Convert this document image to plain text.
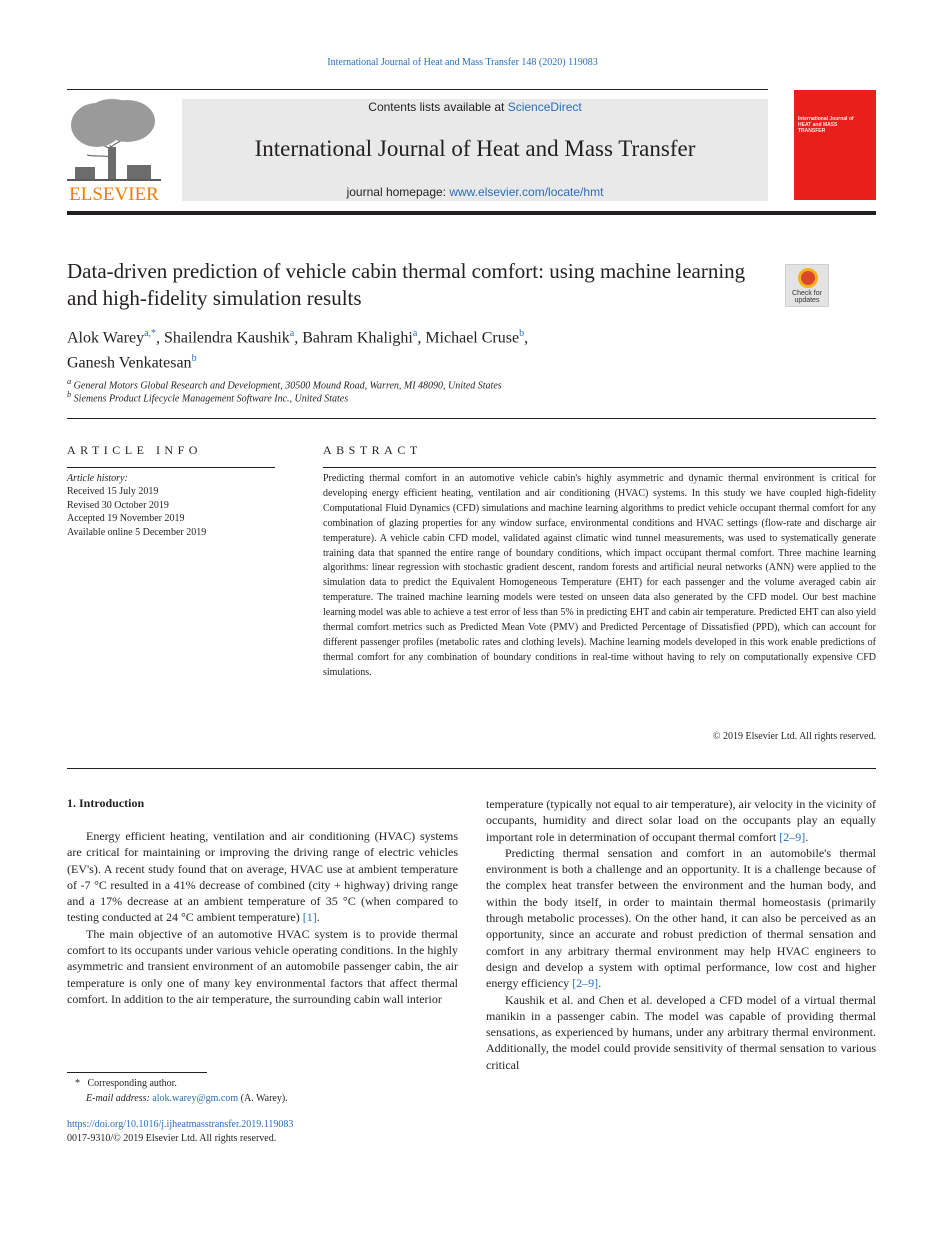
International Journal of Heat and Mass Transfer 148 (2020) 119083
ELSEVIER
Contents lists available at ScienceDirect
International Journal of Heat and Mass Transfer
journal homepage: www.elsevier.com/locate/hmt
International Journal of HEAT and MASS TRANSFER
Data-driven prediction of vehicle cabin thermal comfort: using machine learning and high-fidelity simulation results	Check for updates
Alok Warey$^{a,*}$, Shailendra Kaushik$^a$, Bahram Khalighi$^a$, Michael Cruse$^b$,
Ganesh Venkatesan$^b$
$^a$ General Motors Global Research and Development, 30500 Mound Road, Warren, MI 48090, United States
$^b$ Siemens Product Lifecycle Management Software Inc., United States
ARTICLE INFO	ABSTRACT
Article history:
Received 15 July 2019
Revised 30 October 2019
Accepted 19 November 2019
Available online 5 December 2019
Predicting thermal comfort in an automotive vehicle cabin's highly asymmetric and dynamic thermal environment is critical for developing energy efficient heating, ventilation and air conditioning (HVAC) systems. In this study we have coupled high-fidelity Computational Fluid Dynamics (CFD) simulations and machine learning algorithms to predict vehicle occupant thermal comfort for any combination of glazing properties for any window surface, environmental conditions and HVAC settings (flow-rate and discharge air temperature). A vehicle cabin CFD model, validated against climatic wind tunnel measurements, was used to systematically generate training data that spanned the entire range of boundary conditions, which impact occupant thermal comfort. Three machine learning algorithms: linear regression with stochastic gradient descent, random forests and artificial neural networks (ANN) were applied to the simulation data to predict the Equivalent Homogeneous Temperature (EHT) for each passenger and the volume averaged cabin air temperature. The trained machine learning models were tested on unseen data also generated by the CFD model. Our best machine learning model was able to achieve a test error of less than 5% in predicting EHT and cabin air temperature. Predicted EHT can also yield thermal comfort metrics such as Predicted Mean Vote (PMV) and Predicted Percentage of Dissatisfied (PPD), which can account for different passenger profiles (metabolic rates and clothing levels). Machine learning models developed in this work enable predictions of thermal comfort for any combination of boundary conditions in real-time without having to rely on computationally expensive CFD simulations.
© 2019 Elsevier Ltd. All rights reserved.
1. Introduction

Energy efficient heating, ventilation and air conditioning (HVAC) systems are critical for maintaining or improving the driving range of electric vehicles (EV's). A recent study found that on average, HVAC use at ambient temperature of -7 °C resulted in a 41% decrease of combined (city + highway) driving range and a 17% decrease at an ambient temperature of 35 °C (when compared to testing conducted at 24 °C ambient temperature) [1].

The main objective of an automotive HVAC system is to provide thermal comfort to its occupants under various vehicle operating conditions. In the highly asymmetric and transient environment of an automobile passenger cabin, the air temperature is only one of many key environmental factors that affect thermal comfort. In addition to the air temperature, the surrounding cabin wall interior

temperature (typically not equal to air temperature), air velocity in the vicinity of occupants, humidity and direct solar load on the occupants play an equally important role in determination of occupant thermal comfort [2–9].

Predicting thermal sensation and comfort in an automobile's thermal environment is both a challenge and an opportunity. It is a challenge because of the complex heat transfer between the environment and the human body, and within the body itself, in order to maintain thermal homeostasis (primarily through metabolic processes). On the other hand, it can also be perceived as an opportunity, since an accurate and robust prediction of thermal sensation and comfort in any arbitrary thermal environment may help HVAC engineers to design and develop a system with optimal performance, low cost and higher energy efficiency [2–9].

Kaushik et al. and Chen et al. developed a CFD model of a virtual thermal manikin in a passenger cabin. The model was capable of providing thermal sensations, as experienced by humans, under any arbitrary thermal environment. Additionally, the model could provide sensitivity of thermal sensation to various critical

* Corresponding author.
E-mail address: alok.warey@gm.com (A. Warey).
https://doi.org/10.1016/j.ijheatmasstransfer.2019.119083
0017-9310/© 2019 Elsevier Ltd. All rights reserved.
